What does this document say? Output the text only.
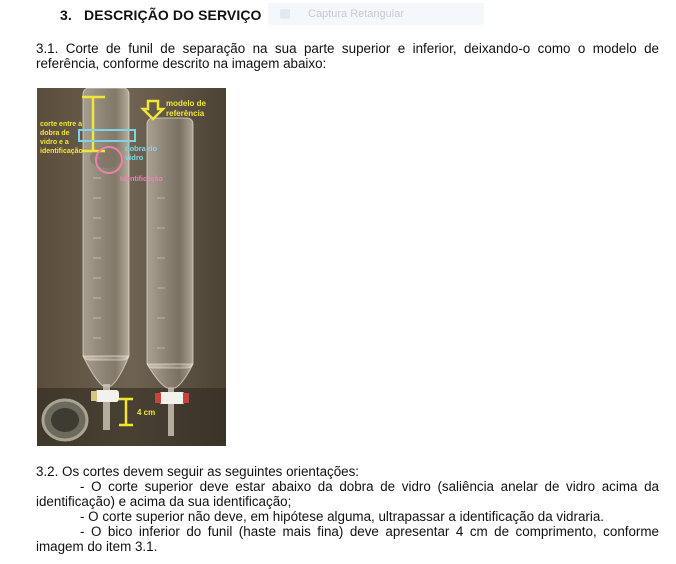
3. DESCRIÇÃO DO SERVIÇO	Captura Retangular
3.1. Corte de funil de separação na sua parte superior e inferior, deixando-o como o modelo de referência, conforme descrito na imagem abaixo:
modelo de
referência
corte entre a
dobra de
vidro e a
identificação	dobra do
vidro
Identificação
4 cm
3.2. Os cortes devem seguir as seguintes orientações:
- O corte superior deve estar abaixo da dobra de vidro (saliência anelar de vidro acima da identificação) e acima da sua identificação;
- O corte superior não deve, em hipótese alguma, ultrapassar a identificação da vidraria.
- O bico inferior do funil (haste mais fina) deve apresentar 4 cm de comprimento, conforme imagem do item 3.1.
